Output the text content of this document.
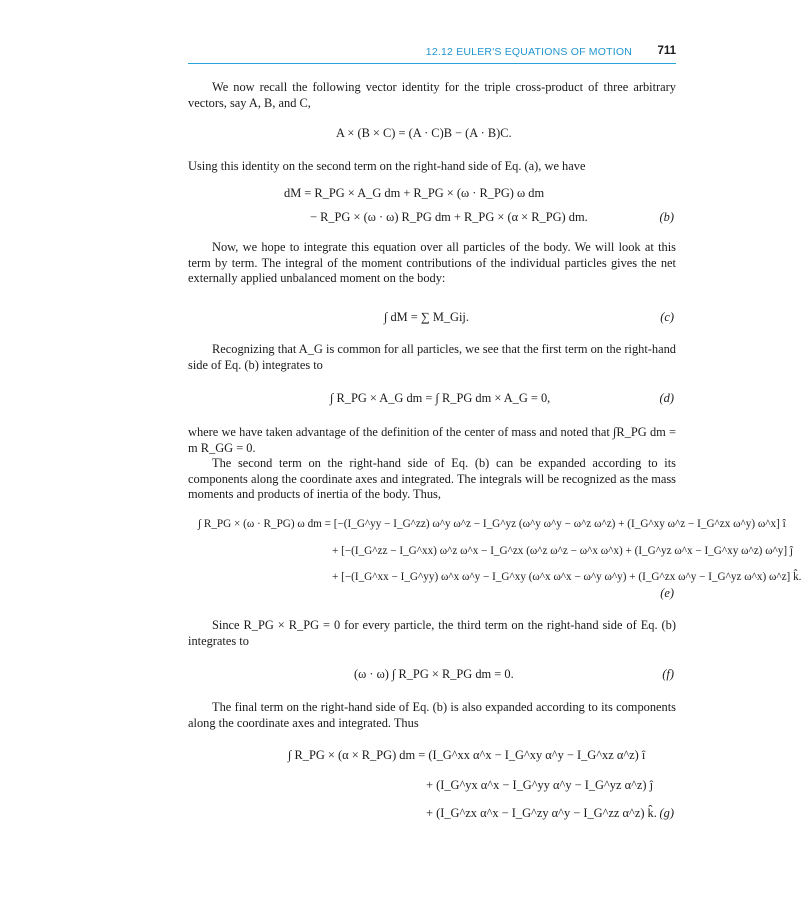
12.12 EULER'S EQUATIONS OF MOTION 711

We now recall the following vector identity for the triple cross-product of three arbitrary vectors, say A, B, and C,

A × (B × C) = (A · C)B − (A · B)C.

Using this identity on the second term on the right-hand side of Eq. (a), we have

dM = R_PG × A_G dm + R_PG × (ω · R_PG) ω dm
− R_PG × (ω · ω) R_PG dm + R_PG × (α × R_PG) dm.	(b)

Now, we hope to integrate this equation over all particles of the body. We will look at this term by term. The integral of the moment contributions of the individual particles gives the net externally applied unbalanced moment on the body:

∫ dM = ∑ M_Gij.	(c)

Recognizing that A_G is common for all particles, we see that the first term on the right-hand side of Eq. (b) integrates to

∫ R_PG × A_G dm = ∫ R_PG dm × A_G = 0,	(d)

where we have taken advantage of the definition of the center of mass and noted that ∫R_PG dm = m R_GG = 0.

The second term on the right-hand side of Eq. (b) can be expanded according to its components along the coordinate axes and integrated. The integrals will be recognized as the mass moments and products of inertia of the body. Thus,

∫ R_PG × (ω · R_PG) ω dm = [−(I_G^yy − I_G^zz) ω^y ω^z − I_G^yz (ω^y ω^y − ω^z ω^z) + (I_G^xy ω^z − I_G^zx ω^y) ω^x] î
+ [−(I_G^zz − I_G^xx) ω^z ω^x − I_G^zx (ω^z ω^z − ω^x ω^x) + (I_G^yz ω^x − I_G^xy ω^z) ω^y] ĵ
+ [−(I_G^xx − I_G^yy) ω^x ω^y − I_G^xy (ω^x ω^x − ω^y ω^y) + (I_G^zx ω^y − I_G^yz ω^x) ω^z] k̂.
(e)

Since R_PG × R_PG = 0 for every particle, the third term on the right-hand side of Eq. (b) integrates to

(ω · ω) ∫ R_PG × R_PG dm = 0.	(f)

The final term on the right-hand side of Eq. (b) is also expanded according to its components along the coordinate axes and integrated. Thus

∫ R_PG × (α × R_PG) dm = (I_G^xx α^x − I_G^xy α^y − I_G^xz α^z) î
+ (I_G^yx α^x − I_G^yy α^y − I_G^yz α^z) ĵ
+ (I_G^zx α^x − I_G^zy α^y − I_G^zz α^z) k̂. (g)
